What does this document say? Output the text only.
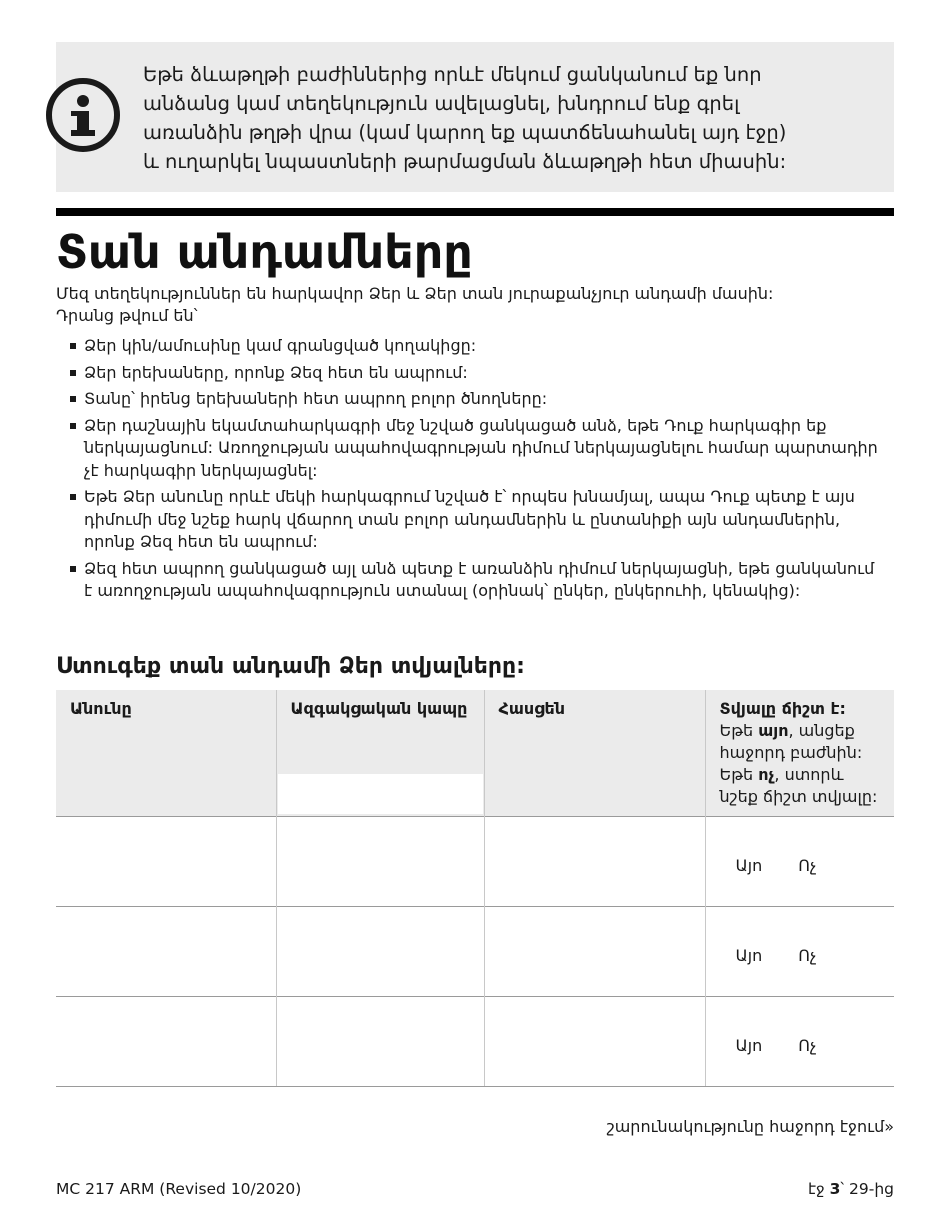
Եթե ձևաթղթի բաժիններից որևէ մեկում ցանկանում եք նոր
անձանց կամ տեղեկություն ավելացնել, խնդրում ենք գրել
առանձին թղթի վրա (կամ կարող եք պատճենահանել այդ էջը)
և ուղարկել նպաստների թարմացման ձևաթղթի հետ միասին:
Տան անդամները
Մեզ տեղեկություններ են հարկավոր Ձեր և Ձեր տան յուրաքանչյուր անդամի մասին:
Դրանց թվում են՝
Ձեր կին/ամուսինը կամ գրանցված կողակիցը:
Ձեր երեխաները, որոնք Ձեզ հետ են ապրում:
Տանը՝ իրենց երեխաների հետ ապրող բոլոր ծնողները:
Ձեր դաշնային եկամտահարկագրի մեջ նշված ցանկացած անձ, եթե Դուք հարկագիր եք ներկայացնում: Առողջության ապահովագրության դիմում ներկայացնելու համար պարտադիր չէ հարկագիր ներկայացնել:
Եթե Ձեր անունը որևէ մեկի հարկագրում նշված է՝ որպես խնամյալ, ապա Դուք պետք է այս դիմումի մեջ նշեք հարկ վճարող տան բոլոր անդամներին և ընտանիքի այն անդամներին, որոնք Ձեզ հետ են ապրում:
Ձեզ հետ ապրող ցանկացած այլ անձ պետք է առանձին դիմում ներկայացնի, եթե ցանկանում է առողջության ապահովագրություն ստանալ (օրինակ՝ ընկեր, ընկերուհի, կենակից):
Ստուգեք տան անդամի Ձեր տվյալները:
Անունը	Ազգակցական կապը	Հասցեն	Տվյալը ճիշտ է: Եթե այո, անցեք հաջորդ բաժնին: Եթե ոչ, ստորև նշեք ճիշտ տվյալը:

			Այո Ոչ

			Այո Ոչ

			Այո Ոչ
շարունակությունը հաջորդ էջում»
MC 217 ARM (Revised 10/2020)	էջ 3՝ 29-ից
